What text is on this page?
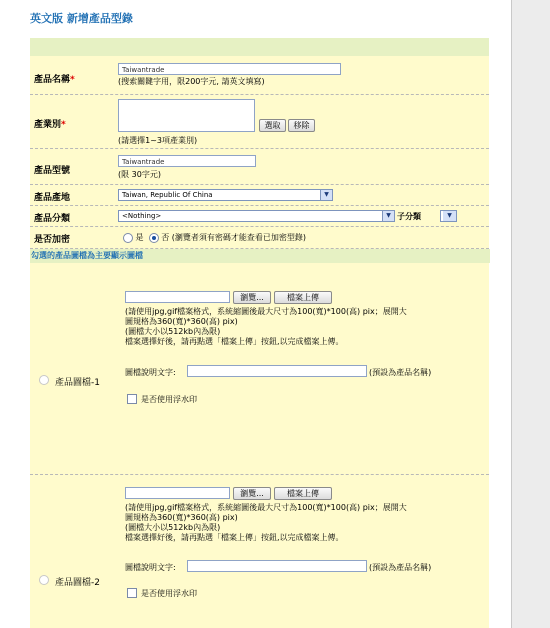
英文版 新增產品型錄
產品名稱*
Taiwantrade
(搜索關鍵字用，限200字元, 請英文填寫)
產業別*	選取	移除
(請選擇1~3項產業別)
產品型號
Taiwantrade
(限 30字元)
產品產地	Taiwan, Republic Of China	▼
產品分類	<Nothing>	▼ 子分類	▼
是否加密	是 否 (瀏覽者須有密碼才能查看已加密型錄)
勾選的產品圖檔為主要顯示圖檔
產品圖檔-1
瀏覽...	檔案上傳
(請使用jpg,gif檔案格式，系統縮圖後最大尺寸為100(寬)*100(高) pix；展開大
圖規格為360(寬)*360(高) pix)
(圖檔大小以512kb內為限)
檔案選擇好後，請再點選「檔案上傳」按鈕,以完成檔案上傳。
圖檔說明文字:	(預設為產品名稱)
是否使用浮水印
產品圖檔-2
瀏覽...	檔案上傳
(請使用jpg,gif檔案格式，系統縮圖後最大尺寸為100(寬)*100(高) pix；展開大
圖規格為360(寬)*360(高) pix)
(圖檔大小以512kb內為限)
檔案選擇好後，請再點選「檔案上傳」按鈕,以完成檔案上傳。
圖檔說明文字:	(預設為產品名稱)
是否使用浮水印
